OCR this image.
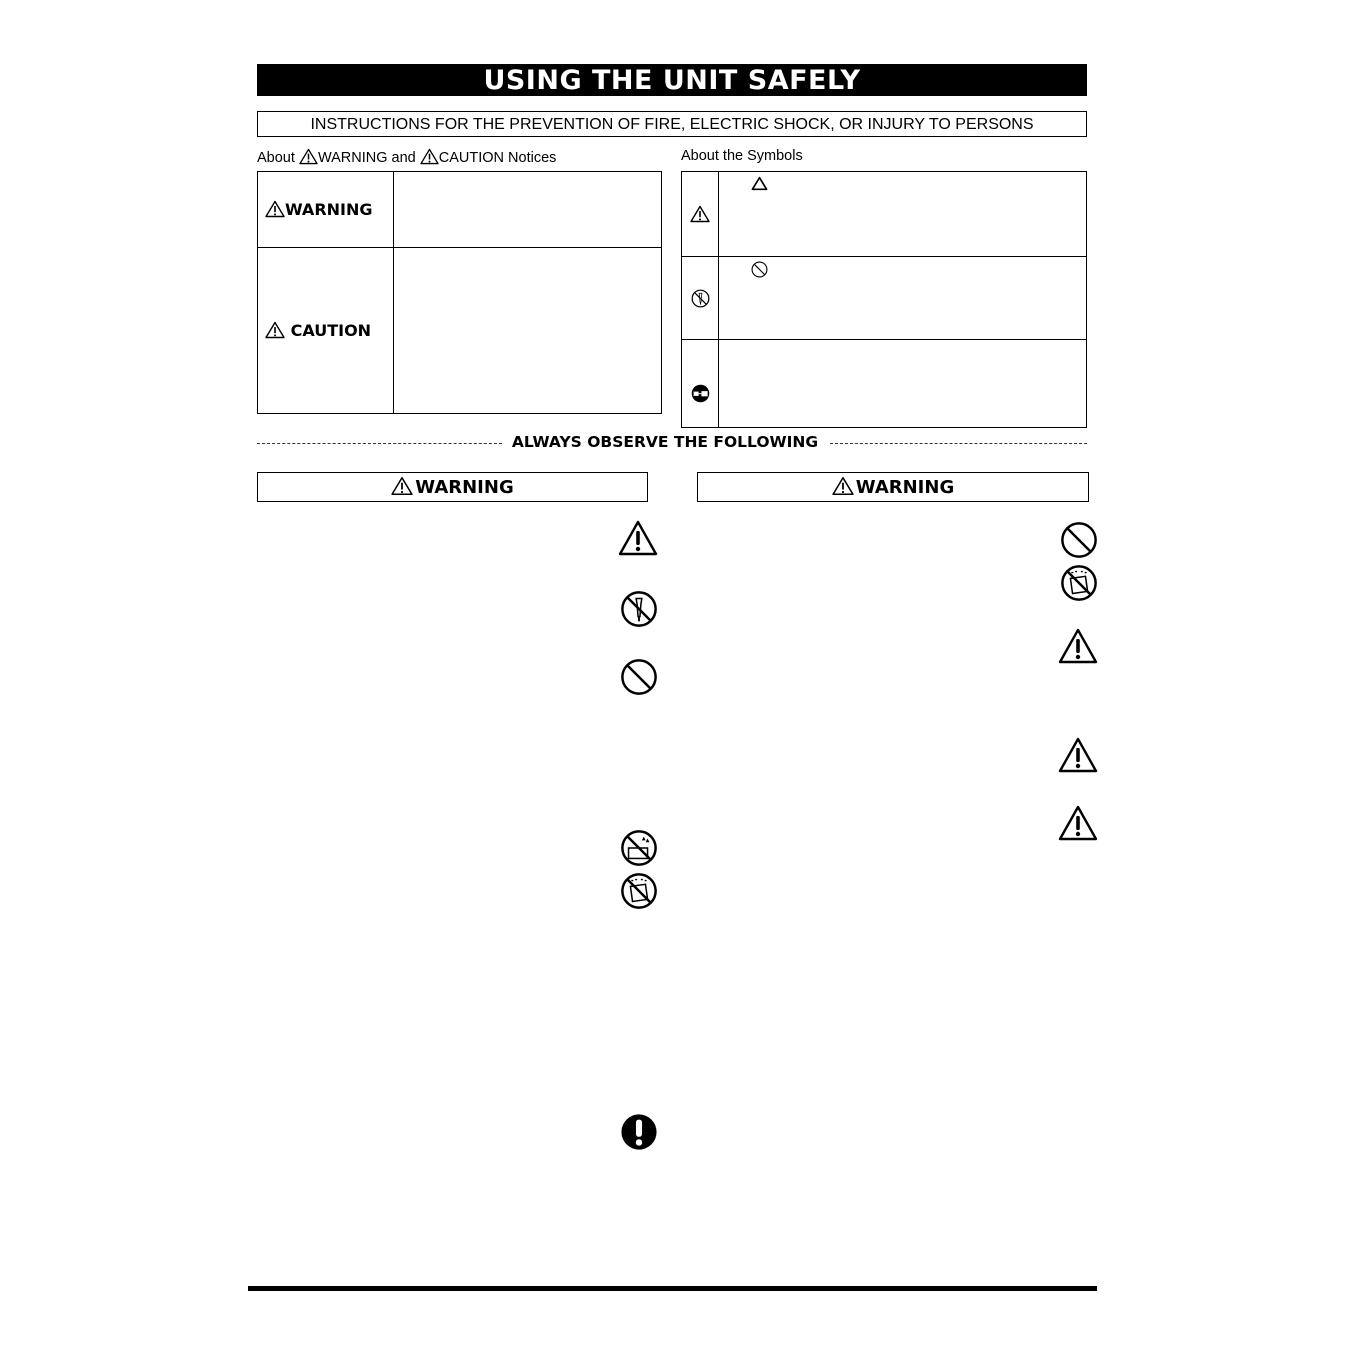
USING THE UNIT SAFELY
INSTRUCTIONS FOR THE PREVENTION OF FIRE, ELECTRIC SHOCK, OR INJURY TO PERSONS
About WARNING and CAUTION Notices	About the Symbols
WARNING	
CAUTION	

ALWAYS OBSERVE THE FOLLOWING
WARNING	WARNING
